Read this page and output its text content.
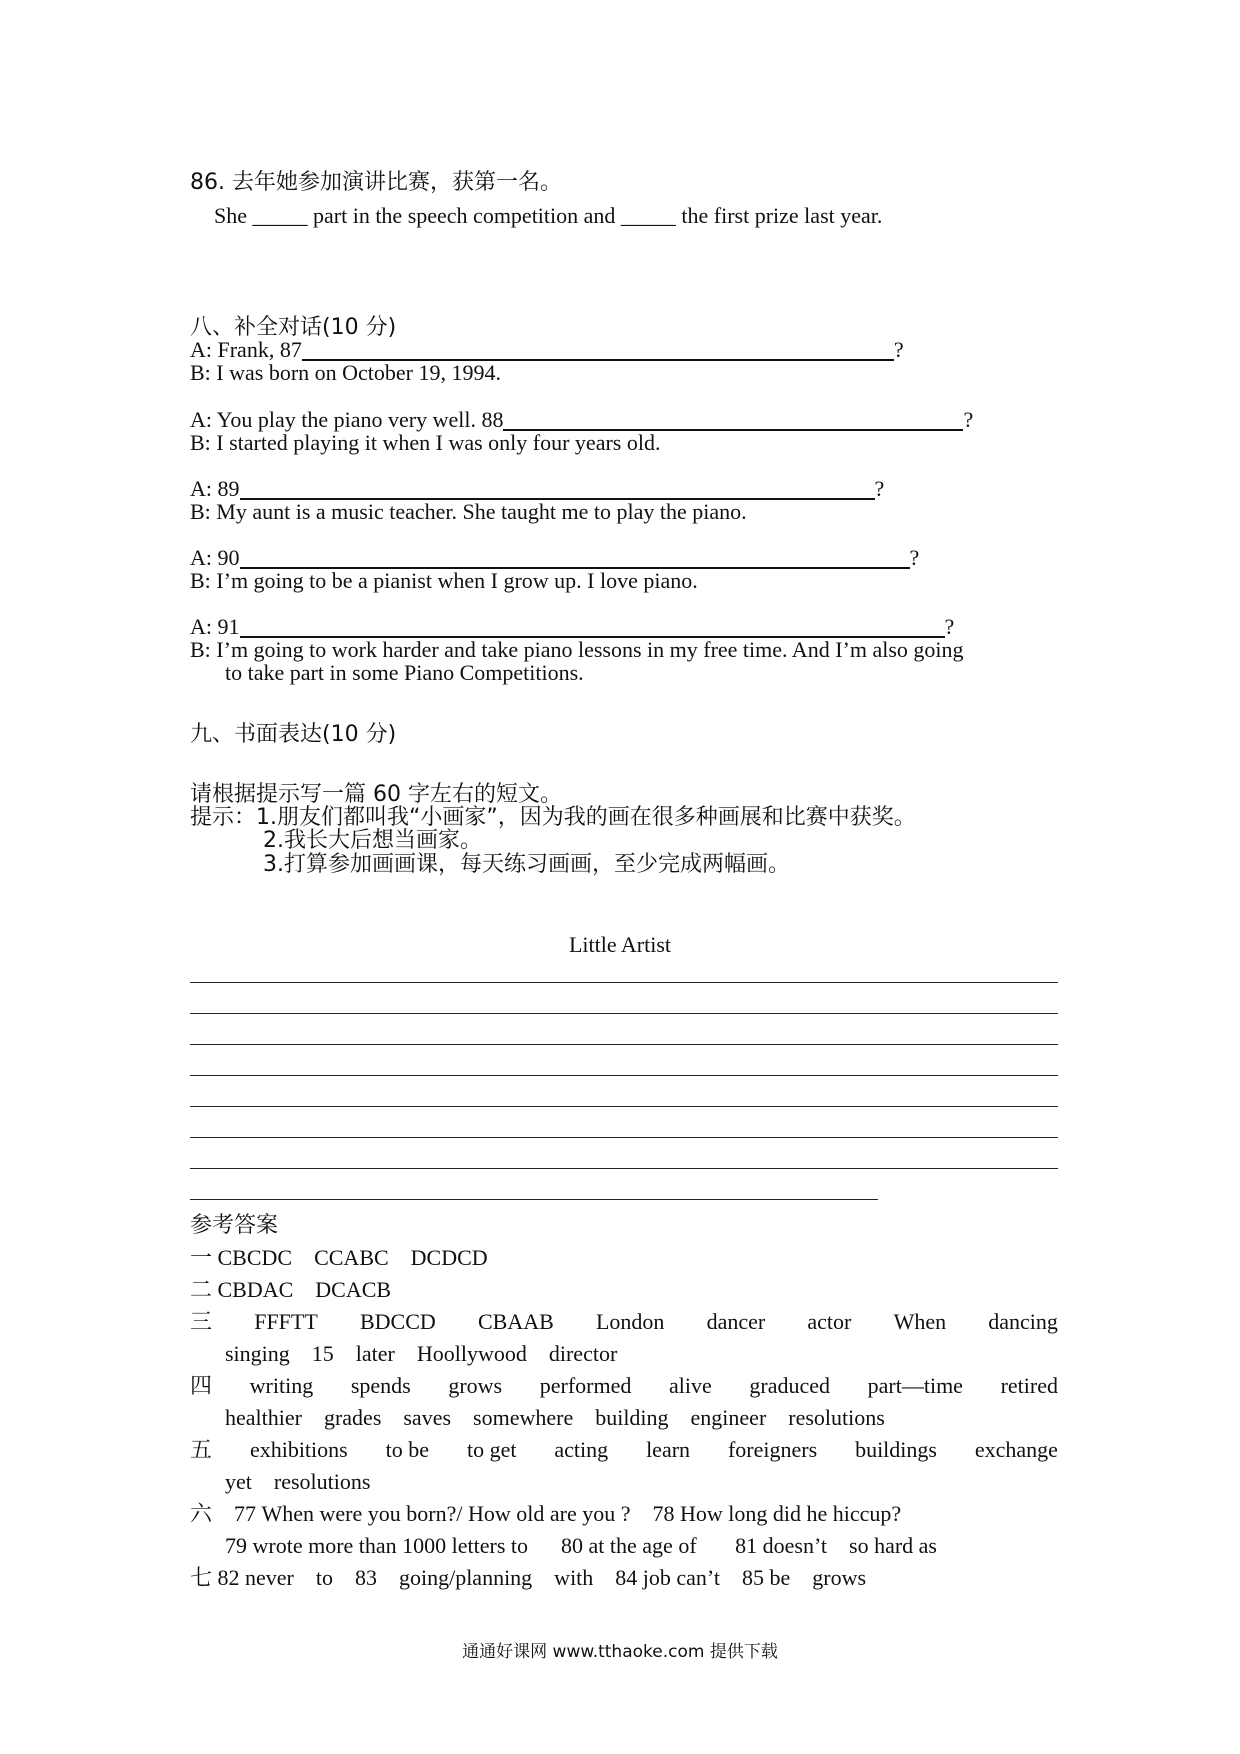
86. 去年她参加演讲比赛，获第一名。
She _____ part in the speech competition and _____ the first prize last year.
八、补全对话(10 分)
A: Frank, 87	?
B: I was born on October 19, 1994.
A: You play the piano very well. 88	?
B: I started playing it when I was only four years old.
A: 89	?
B: My aunt is a music teacher. She taught me to play the piano.
A: 90	?
B: I’m going to be a pianist when I grow up. I love piano.
A: 91	?
B: I’m going to work harder and take piano lessons in my free time. And I’m also going
to take part in some Piano Competitions.
九、书面表达(10 分)
请根据提示写一篇 60 字左右的短文。
提示：1.朋友们都叫我“小画家”，因为我的画在很多种画展和比赛中获奖。
2.我长大后想当画家。
3.打算参加画画课，每天练习画画，至少完成两幅画。
Little Artist
参考答案
一 CBCDC    CCABC    DCDCD
二 CBDAC    DCACB
三 FFFTT BDCCD CBAAB London dancer actor When dancing
singing    15    later    Hoollywood    director
四 writing spends grows performed alive graduced part—time retired
healthier    grades    saves    somewhere    building    engineer    resolutions
五 exhibitions to be to get acting learn foreigners buildings exchange
yet    resolutions
六    77 When were you born?/ How old are you ?    78 How long did he hiccup?
79 wrote more than 1000 letters to      80 at the age of       81 doesn’t    so hard as
七 82 never    to    83    going/planning    with    84 job can’t    85 be    grows
通通好课网 www.tthaoke.com 提供下载
